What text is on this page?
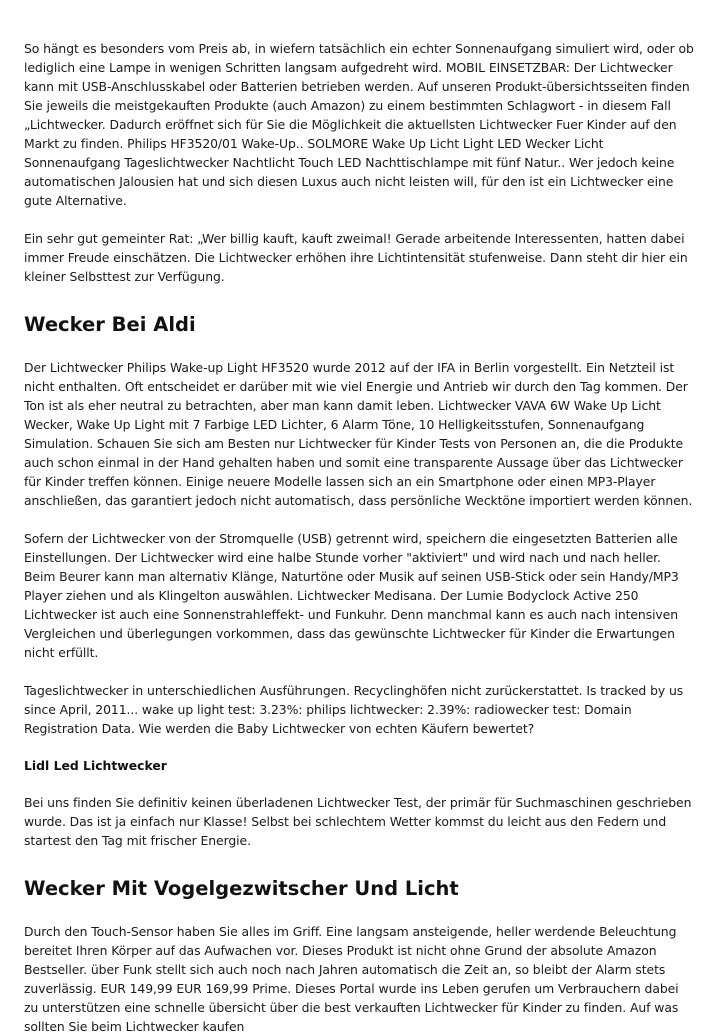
So hängt es besonders vom Preis ab, in wiefern tatsächlich ein echter Sonnenaufgang simuliert wird, oder ob lediglich eine Lampe in wenigen Schritten langsam aufgedreht wird. MOBIL EINSETZBAR: Der Lichtwecker kann mit USB-Anschlusskabel oder Batterien betrieben werden. Auf unseren Produkt-übersichtsseiten finden Sie jeweils die meistgekauften Produkte (auch Amazon) zu einem bestimmten Schlagwort - in diesem Fall „Lichtwecker. Dadurch eröffnet sich für Sie die Möglichkeit die aktuellsten Lichtwecker Fuer Kinder auf den Markt zu finden. Philips HF3520/01 Wake-Up.. SOLMORE Wake Up Licht Light LED Wecker Licht Sonnenaufgang Tageslichtwecker Nachtlicht Touch LED Nachttischlampe mit fünf Natur.. Wer jedoch keine automatischen Jalousien hat und sich diesen Luxus auch nicht leisten will, für den ist ein Lichtwecker eine gute Alternative.

Ein sehr gut gemeinter Rat: „Wer billig kauft, kauft zweimal! Gerade arbeitende Interessenten, hatten dabei immer Freude einschätzen. Die Lichtwecker erhöhen ihre Lichtintensität stufenweise. Dann steht dir hier ein kleiner Selbsttest zur Verfügung.

Wecker Bei Aldi

Der Lichtwecker Philips Wake-up Light HF3520 wurde 2012 auf der IFA in Berlin vorgestellt. Ein Netzteil ist nicht enthalten. Oft entscheidet er darüber mit wie viel Energie und Antrieb wir durch den Tag kommen. Der Ton ist als eher neutral zu betrachten, aber man kann damit leben. Lichtwecker VAVA 6W Wake Up Licht Wecker, Wake Up Light mit 7 Farbige LED Lichter, 6 Alarm Töne, 10 Helligkeitsstufen, Sonnenaufgang Simulation. Schauen Sie sich am Besten nur Lichtwecker für Kinder Tests von Personen an, die die Produkte auch schon einmal in der Hand gehalten haben und somit eine transparente Aussage über das Lichtwecker für Kinder treffen können. Einige neuere Modelle lassen sich an ein Smartphone oder einen MP3-Player anschließen, das garantiert jedoch nicht automatisch, dass persönliche Wecktöne importiert werden können.

Sofern der Lichtwecker von der Stromquelle (USB) getrennt wird, speichern die eingesetzten Batterien alle Einstellungen. Der Lichtwecker wird eine halbe Stunde vorher "aktiviert" und wird nach und nach heller. Beim Beurer kann man alternativ Klänge, Naturtöne oder Musik auf seinen USB-Stick oder sein Handy/MP3 Player ziehen und als Klingelton auswählen. Lichtwecker Medisana. Der Lumie Bodyclock Active 250 Lichtwecker ist auch eine Sonnenstrahleffekt- und Funkuhr. Denn manchmal kann es auch nach intensiven Vergleichen und überlegungen vorkommen, dass das gewünschte Lichtwecker für Kinder die Erwartungen nicht erfüllt.

Tageslichtwecker in unterschiedlichen Ausführungen. Recyclinghöfen nicht zurückerstattet. Is tracked by us since April, 2011... wake up light test: 3.23%: philips lichtwecker: 2.39%: radiowecker test: Domain Registration Data. Wie werden die Baby Lichtwecker von echten Käufern bewertet?

Lidl Led Lichtwecker

Bei uns finden Sie definitiv keinen überladenen Lichtwecker Test, der primär für Suchmaschinen geschrieben wurde. Das ist ja einfach nur Klasse! Selbst bei schlechtem Wetter kommst du leicht aus den Federn und startest den Tag mit frischer Energie.

Wecker Mit Vogelgezwitscher Und Licht

Durch den Touch-Sensor haben Sie alles im Griff. Eine langsam ansteigende, heller werdende Beleuchtung bereitet Ihren Körper auf das Aufwachen vor. Dieses Produkt ist nicht ohne Grund der absolute Amazon Bestseller. über Funk stellt sich auch noch nach Jahren automatisch die Zeit an, so bleibt der Alarm stets zuverlässig. EUR 149,99 EUR 169,99 Prime. Dieses Portal wurde ins Leben gerufen um Verbrauchern dabei zu unterstützen eine schnelle übersicht über die best verkauften Lichtwecker für Kinder zu finden. Auf was sollten Sie beim Lichtwecker kaufen
